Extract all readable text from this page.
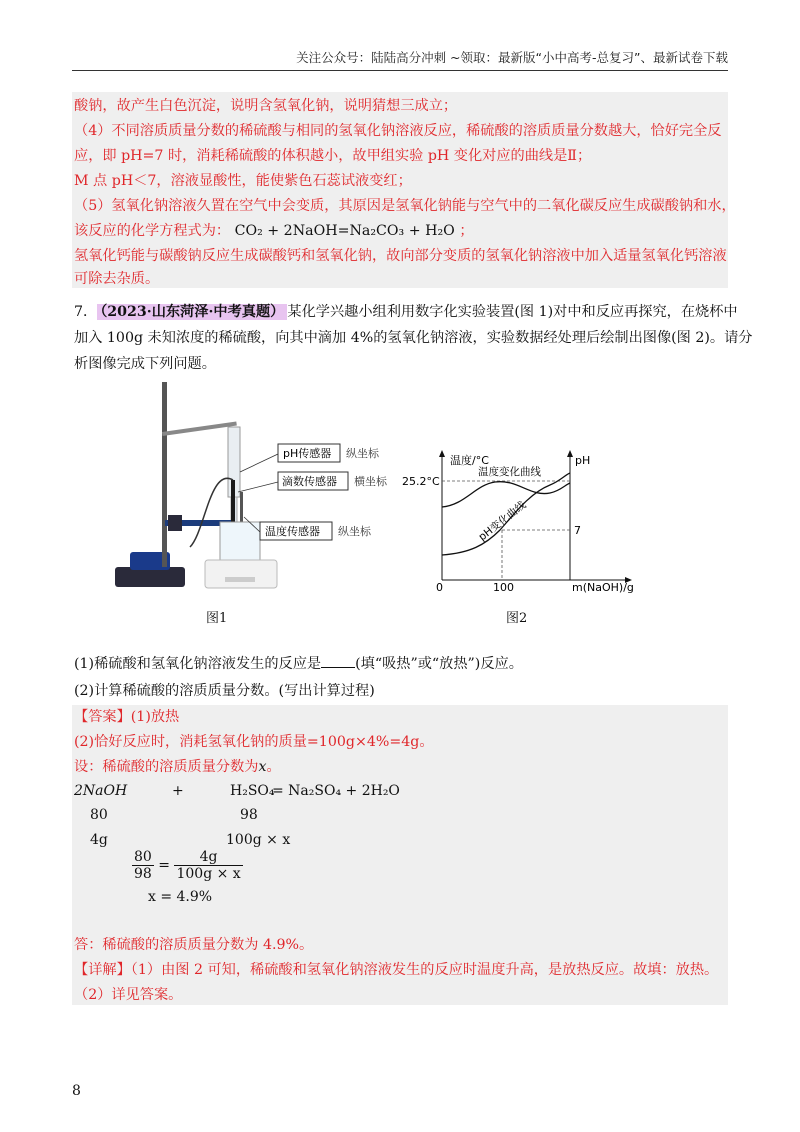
关注公众号：陆陆高分冲刺 ~领取：最新版“小中高考-总复习”、最新试卷下载
酸钠，故产生白色沉淀，说明含氢氧化钠，说明猜想三成立；
（4）不同溶质质量分数的稀硫酸与相同的氢氧化钠溶液反应，稀硫酸的溶质质量分数越大，恰好完全反
应，即 pH=7 时，消耗稀硫酸的体积越小，故甲组实验 pH 变化对应的曲线是Ⅱ；
M 点 pH＜7，溶液显酸性，能使紫色石蕊试液变红；
（5）氢氧化钠溶液久置在空气中会变质，其原因是氢氧化钠能与空气中的二氧化碳反应生成碳酸钠和水，
该反应的化学方程式为： CO₂ + 2NaOH=Na₂CO₃ + H₂O ；
氢氧化钙能与碳酸钠反应生成碳酸钙和氢氧化钠，故向部分变质的氢氧化钠溶液中加入适量氢氧化钙溶液
可除去杂质。
7． （2023·山东菏泽·中考真题） 某化学兴趣小组利用数字化实验装置(图 1)对中和反应再探究，在烧杯中
加入 100g 未知浓度的稀硫酸，向其中滴加 4%的氢氧化钠溶液，实验数据经处理后绘制出图像(图 2)。请分
析图像完成下列问题。
pH传感器
滴数传感器
温度传感器
纵坐标
横坐标
纵坐标
图1
温度/°C	pH
25.2°C
7
0	100	m(NaOH)/g
温度变化曲线
pH变化曲线
图2
(1)稀硫酸和氢氧化钠溶液发生的反应是 (填“吸热”或“放热”)反应。
(2)计算稀硫酸的溶质质量分数。(写出计算过程)
【答案】(1)放热
(2)恰好反应时，消耗氢氧化钠的质量=100g×4%=4g。
设：稀硫酸的溶质质量分数为x。
2NaOH	+	H₂SO₄
= Na₂SO₄ + 2H₂O
80	98
4g	100g × x
$\frac{80}{98} = \frac{4g}{100g \times x}$
x = 4.9%
答：稀硫酸的溶质质量分数为 4.9%。
【详解】（1）由图 2 可知，稀硫酸和氢氧化钠溶液发生的反应时温度升高，是放热反应。故填：放热。
（2）详见答案。
8
